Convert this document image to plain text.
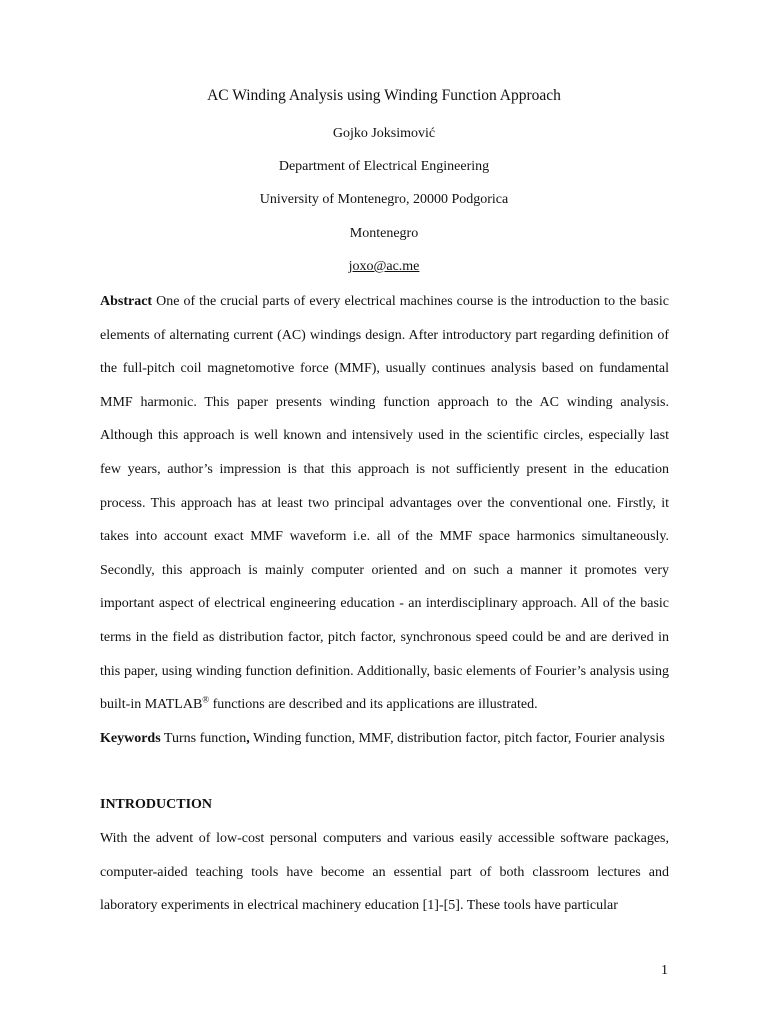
AC Winding Analysis using Winding Function Approach
Gojko Joksimović
Department of Electrical Engineering
University of Montenegro, 20000 Podgorica
Montenegro
joxo@ac.me
Abstract One of the crucial parts of every electrical machines course is the introduction to the basic elements of alternating current (AC) windings design. After introductory part regarding definition of the full-pitch coil magnetomotive force (MMF), usually continues analysis based on fundamental MMF harmonic. This paper presents winding function approach to the AC winding analysis. Although this approach is well known and intensively used in the scientific circles, especially last few years, author’s impression is that this approach is not sufficiently present in the education process. This approach has at least two principal advantages over the conventional one. Firstly, it takes into account exact MMF waveform i.e. all of the MMF space harmonics simultaneously. Secondly, this approach is mainly computer oriented and on such a manner it promotes very important aspect of electrical engineering education - an interdisciplinary approach. All of the basic terms in the field as distribution factor, pitch factor, synchronous speed could be and are derived in this paper, using winding function definition. Additionally, basic elements of Fourier’s analysis using built-in MATLAB® functions are described and its applications are illustrated.
Keywords Turns function, Winding function, MMF, distribution factor, pitch factor, Fourier analysis
INTRODUCTION
With the advent of low-cost personal computers and various easily accessible software packages, computer-aided teaching tools have become an essential part of both classroom lectures and laboratory experiments in electrical machinery education [1]-[5]. These tools have particular
1
